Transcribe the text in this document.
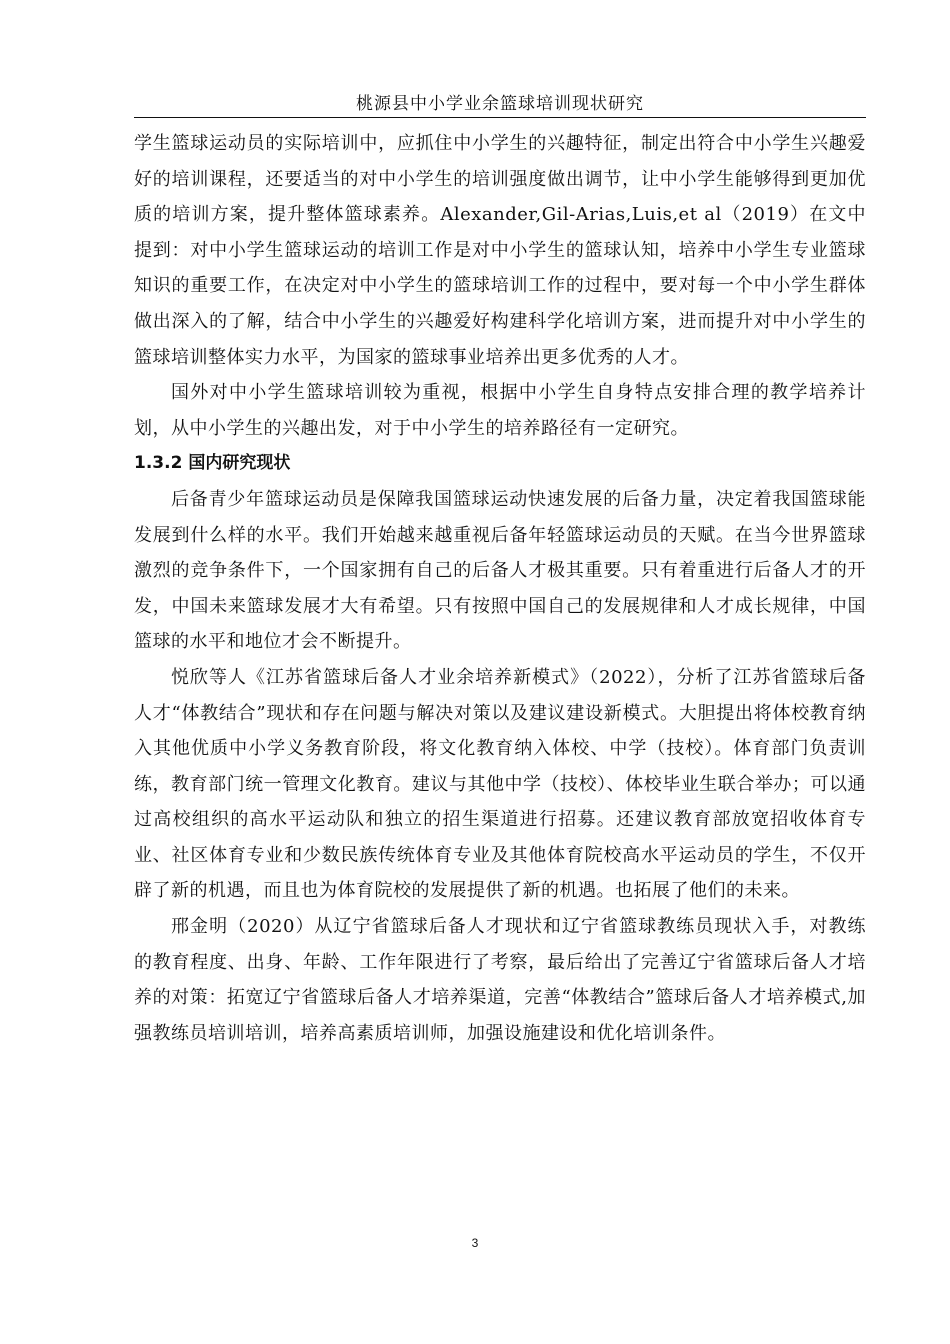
桃源县中小学业余篮球培训现状研究

学生篮球运动员的实际培训中，应抓住中小学生的兴趣特征，制定出符合中小学生兴趣爱好的培训课程，还要适当的对中小学生的培训强度做出调节，让中小学生能够得到更加优质的培训方案，提升整体篮球素养。Alexander,Gil-Arias,Luis,et al（2019）在文中提到：对中小学生篮球运动的培训工作是对中小学生的篮球认知，培养中小学生专业篮球知识的重要工作，在决定对中小学生的篮球培训工作的过程中，要对每一个中小学生群体做出深入的了解，结合中小学生的兴趣爱好构建科学化培训方案，进而提升对中小学生的篮球培训整体实力水平，为国家的篮球事业培养出更多优秀的人才。

国外对中小学生篮球培训较为重视，根据中小学生自身特点安排合理的教学培养计划，从中小学生的兴趣出发，对于中小学生的培养路径有一定研究。

1.3.2 国内研究现状

后备青少年篮球运动员是保障我国篮球运动快速发展的后备力量，决定着我国篮球能发展到什么样的水平。我们开始越来越重视后备年轻篮球运动员的天赋。在当今世界篮球激烈的竞争条件下，一个国家拥有自己的后备人才极其重要。只有着重进行后备人才的开发，中国未来篮球发展才大有希望。只有按照中国自己的发展规律和人才成长规律，中国篮球的水平和地位才会不断提升。

悦欣等人《江苏省篮球后备人才业余培养新模式》（2022），分析了江苏省篮球后备人才“体教结合”现状和存在问题与解决对策以及建议建设新模式。大胆提出将体校教育纳入其他优质中小学义务教育阶段，将文化教育纳入体校、中学（技校）。体育部门负责训练，教育部门统一管理文化教育。建议与其他中学（技校）、体校毕业生联合举办；可以通过高校组织的高水平运动队和独立的招生渠道进行招募。还建议教育部放宽招收体育专业、社区体育专业和少数民族传统体育专业及其他体育院校高水平运动员的学生，不仅开辟了新的机遇，而且也为体育院校的发展提供了新的机遇。也拓展了他们的未来。

邢金明（2020）从辽宁省篮球后备人才现状和辽宁省篮球教练员现状入手，对教练的教育程度、出身、年龄、工作年限进行了考察，最后给出了完善辽宁省篮球后备人才培养的对策：拓宽辽宁省篮球后备人才培养渠道，完善“体教结合”篮球后备人才培养模式,加强教练员培训培训，培养高素质培训师，加强设施建设和优化培训条件。

3
